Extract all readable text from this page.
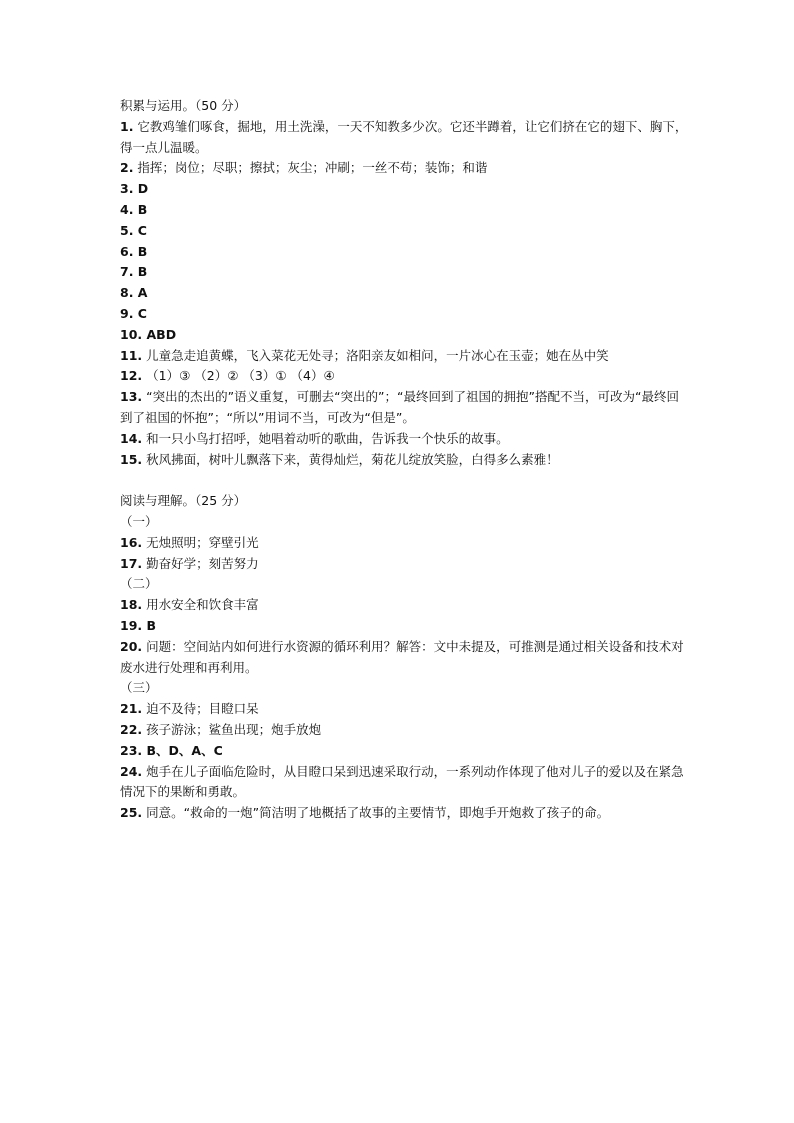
积累与运用。（50 分）
1. 它教鸡雏们啄食，掘地，用土洗澡，一天不知教多少次。它还半蹲着，让它们挤在它的翅下、胸下，得一点儿温暖。
2. 指挥；岗位；尽职；擦拭；灰尘；冲刷；一丝不苟；装饰；和谐
3. D
4. B
5. C
6. B
7. B
8. A
9. C
10. ABD
11. 儿童急走追黄蝶，飞入菜花无处寻；洛阳亲友如相问，一片冰心在玉壶；她在丛中笑
12. （1）③ （2）② （3）① （4）④
13. “突出的杰出的”语义重复，可删去“突出的”；“最终回到了祖国的拥抱”搭配不当，可改为“最终回到了祖国的怀抱”；“所以”用词不当，可改为“但是”。
14. 和一只小鸟打招呼，她唱着动听的歌曲，告诉我一个快乐的故事。
15. 秋风拂面，树叶儿飘落下来，黄得灿烂，菊花儿绽放笑脸，白得多么素雅！
阅读与理解。（25 分）
（一）
16. 无烛照明；穿壁引光
17. 勤奋好学；刻苦努力
（二）
18. 用水安全和饮食丰富
19. B
20. 问题：空间站内如何进行水资源的循环利用？解答：文中未提及，可推测是通过相关设备和技术对废水进行处理和再利用。
（三）
21. 迫不及待；目瞪口呆
22. 孩子游泳；鲨鱼出现；炮手放炮
23. B、D、A、C
24. 炮手在儿子面临危险时，从目瞪口呆到迅速采取行动，一系列动作体现了他对儿子的爱以及在紧急情况下的果断和勇敢。
25. 同意。“救命的一炮”简洁明了地概括了故事的主要情节，即炮手开炮救了孩子的命。
